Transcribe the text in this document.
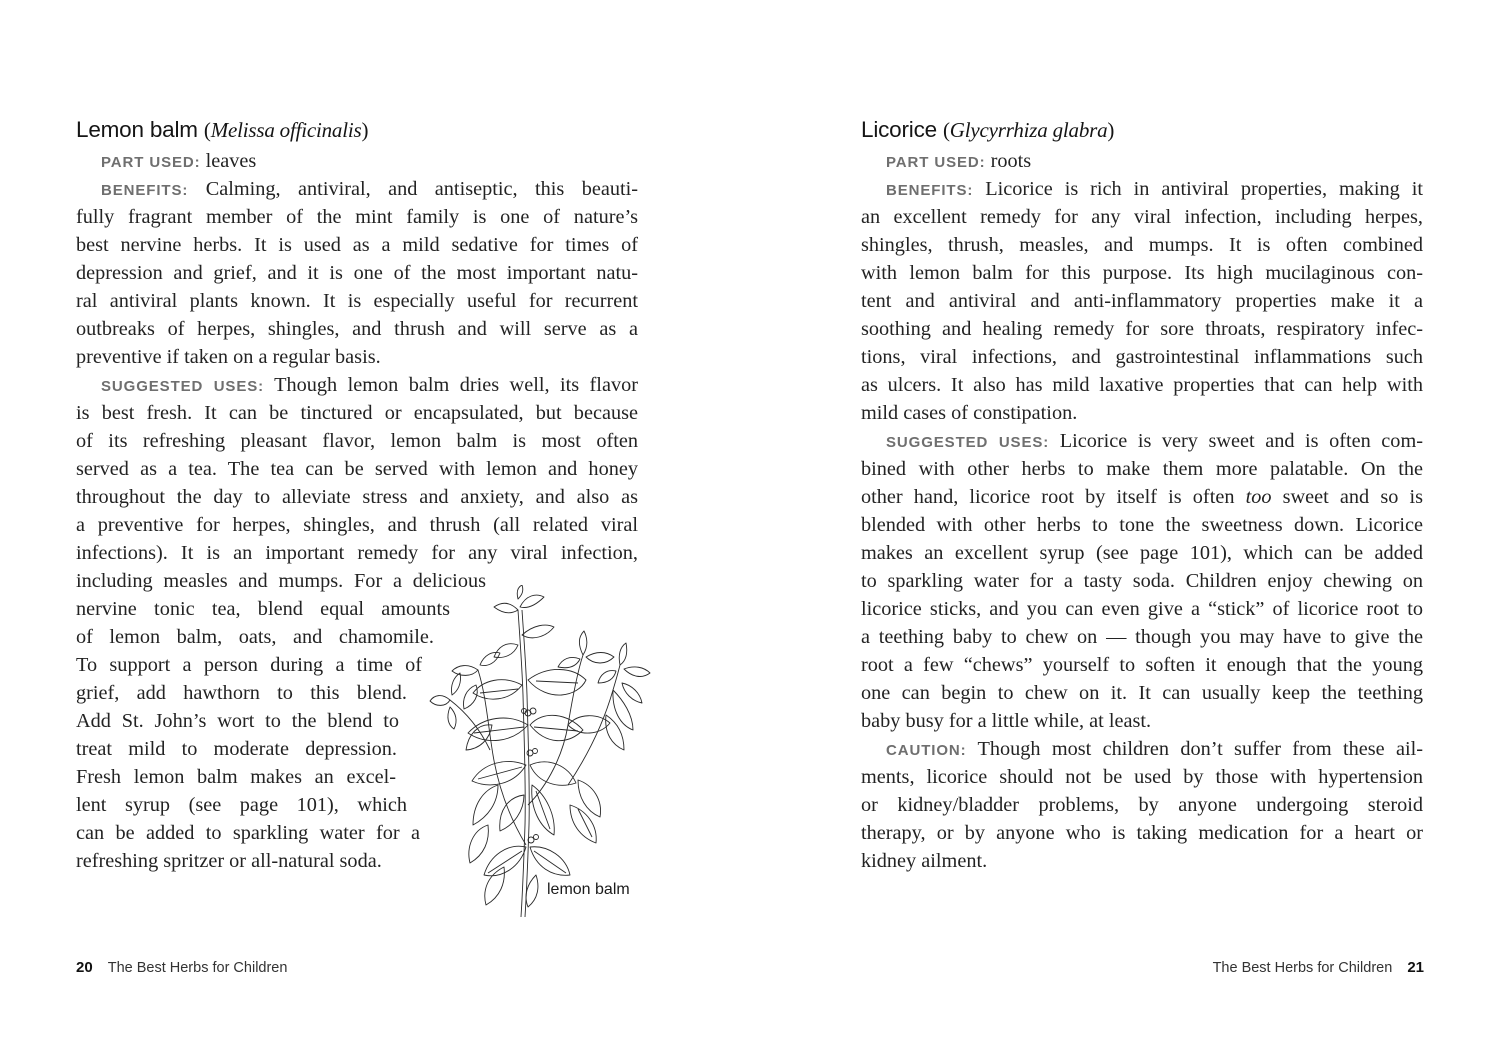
Lemon balm (Melissa officinalis)
PART USED: leaves
BENEFITS: Calming, antiviral, and antiseptic, this beauti-
fully fragrant member of the mint family is one of nature’s
best nervine herbs. It is used as a mild sedative for times of
depression and grief, and it is one of the most important natu-
ral antiviral plants known. It is especially useful for recurrent
outbreaks of herpes, shingles, and thrush and will serve as a
preventive if taken on a regular basis.
SUGGESTED USES: Though lemon balm dries well, its flavor
is best fresh. It can be tinctured or encapsulated, but because
of its refreshing pleasant flavor, lemon balm is most often
served as a tea. The tea can be served with lemon and honey
throughout the day to alleviate stress and anxiety, and also as
a preventive for herpes, shingles, and thrush (all related viral
infections). It is an important remedy for any viral infection,
including measles and mumps. For a delicious
nervine tonic tea, blend equal amounts
of lemon balm, oats, and chamomile.
To support a person during a time of
grief, add hawthorn to this blend.
Add St. John’s wort to the blend to
treat mild to moderate depression.
Fresh lemon balm makes an excel-
lent syrup (see page 101), which
can be added to sparkling water for a
refreshing spritzer or all-natural soda.
lemon balm
20 The Best Herbs for Children
Licorice (Glycyrrhiza glabra)
PART USED: roots
BENEFITS: Licorice is rich in antiviral properties, making it
an excellent remedy for any viral infection, including herpes,
shingles, thrush, measles, and mumps. It is often combined
with lemon balm for this purpose. Its high mucilaginous con-
tent and antiviral and anti-inflammatory properties make it a
soothing and healing remedy for sore throats, respiratory infec-
tions, viral infections, and gastrointestinal inflammations such
as ulcers. It also has mild laxative properties that can help with
mild cases of constipation.
SUGGESTED USES: Licorice is very sweet and is often com-
bined with other herbs to make them more palatable. On the
other hand, licorice root by itself is often too sweet and so is
blended with other herbs to tone the sweetness down. Licorice
makes an excellent syrup (see page 101), which can be added
to sparkling water for a tasty soda. Children enjoy chewing on
licorice sticks, and you can even give a “stick” of licorice root to
a teething baby to chew on — though you may have to give the
root a few “chews” yourself to soften it enough that the young
one can begin to chew on it. It can usually keep the teething
baby busy for a little while, at least.
CAUTION: Though most children don’t suffer from these ail-
ments, licorice should not be used by those with hypertension
or kidney/bladder problems, by anyone undergoing steroid
therapy, or by anyone who is taking medication for a heart or
kidney ailment.
The Best Herbs for Children 21
